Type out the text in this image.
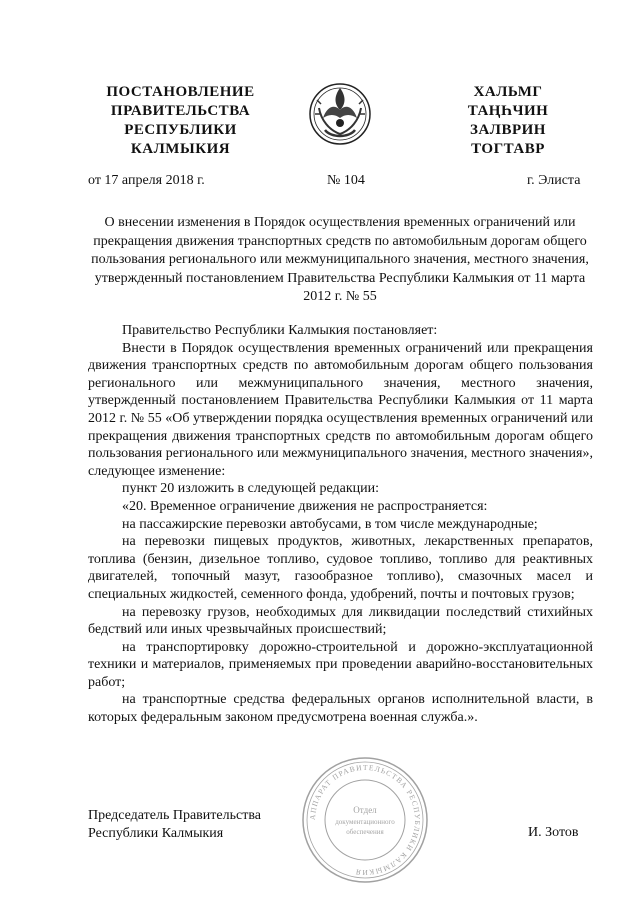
ПОСТАНОВЛЕНИЕ
ПРАВИТЕЛЬСТВА
РЕСПУБЛИКИ
КАЛМЫКИЯ
ХАЛЬМГ
ТАҢҺЧИН
ЗАЛВРИН
ТОГТАВР
от 17 апреля 2018 г.	№ 104	г. Элиста
О внесении изменения в Порядок осуществления временных ограничений или прекращения движения транспортных средств по автомобильным дорогам общего пользования регионального или межмуниципального значения, местного значения, утвержденный постановлением Правительства Республики Калмыкия от 11 марта 2012 г. № 55

Правительство Республики Калмыкия постановляет:

Внести в Порядок осуществления временных ограничений или прекращения движения транспортных средств по автомобильным дорогам общего пользования регионального или межмуниципального значения, местного значения, утвержденный постановлением Правительства Республики Калмыкия от 11 марта 2012 г. № 55 «Об утверждении порядка осуществления временных ограничений или прекращения движения транспортных средств по автомобильным дорогам общего пользования регионального или межмуниципального значения, местного значения», следующее изменение:

пункт 20 изложить в следующей редакции:

«20. Временное ограничение движения не распространяется:

на пассажирские перевозки автобусами, в том числе международные;

на перевозки пищевых продуктов, животных, лекарственных препаратов, топлива (бензин, дизельное топливо, судовое топливо, топливо для реактивных двигателей, топочный мазут, газообразное топливо), смазочных масел и специальных жидкостей, семенного фонда, удобрений, почты и почтовых грузов;

на перевозку грузов, необходимых для ликвидации последствий стихийных бедствий или иных чрезвычайных происшествий;

на транспортировку дорожно-строительной и дорожно-эксплуатационной техники и материалов, применяемых при проведении аварийно-восстановительных работ;

на транспортные средства федеральных органов исполнительной власти, в которых федеральным законом предусмотрена военная служба.».

АППАРАТ ПРАВИТЕЛЬСТВА РЕСПУБЛИКИ КАЛМЫКИЯ
Отдел
документационного
обеспечения
Председатель Правительства
Республики Калмыкия	И. Зотов
